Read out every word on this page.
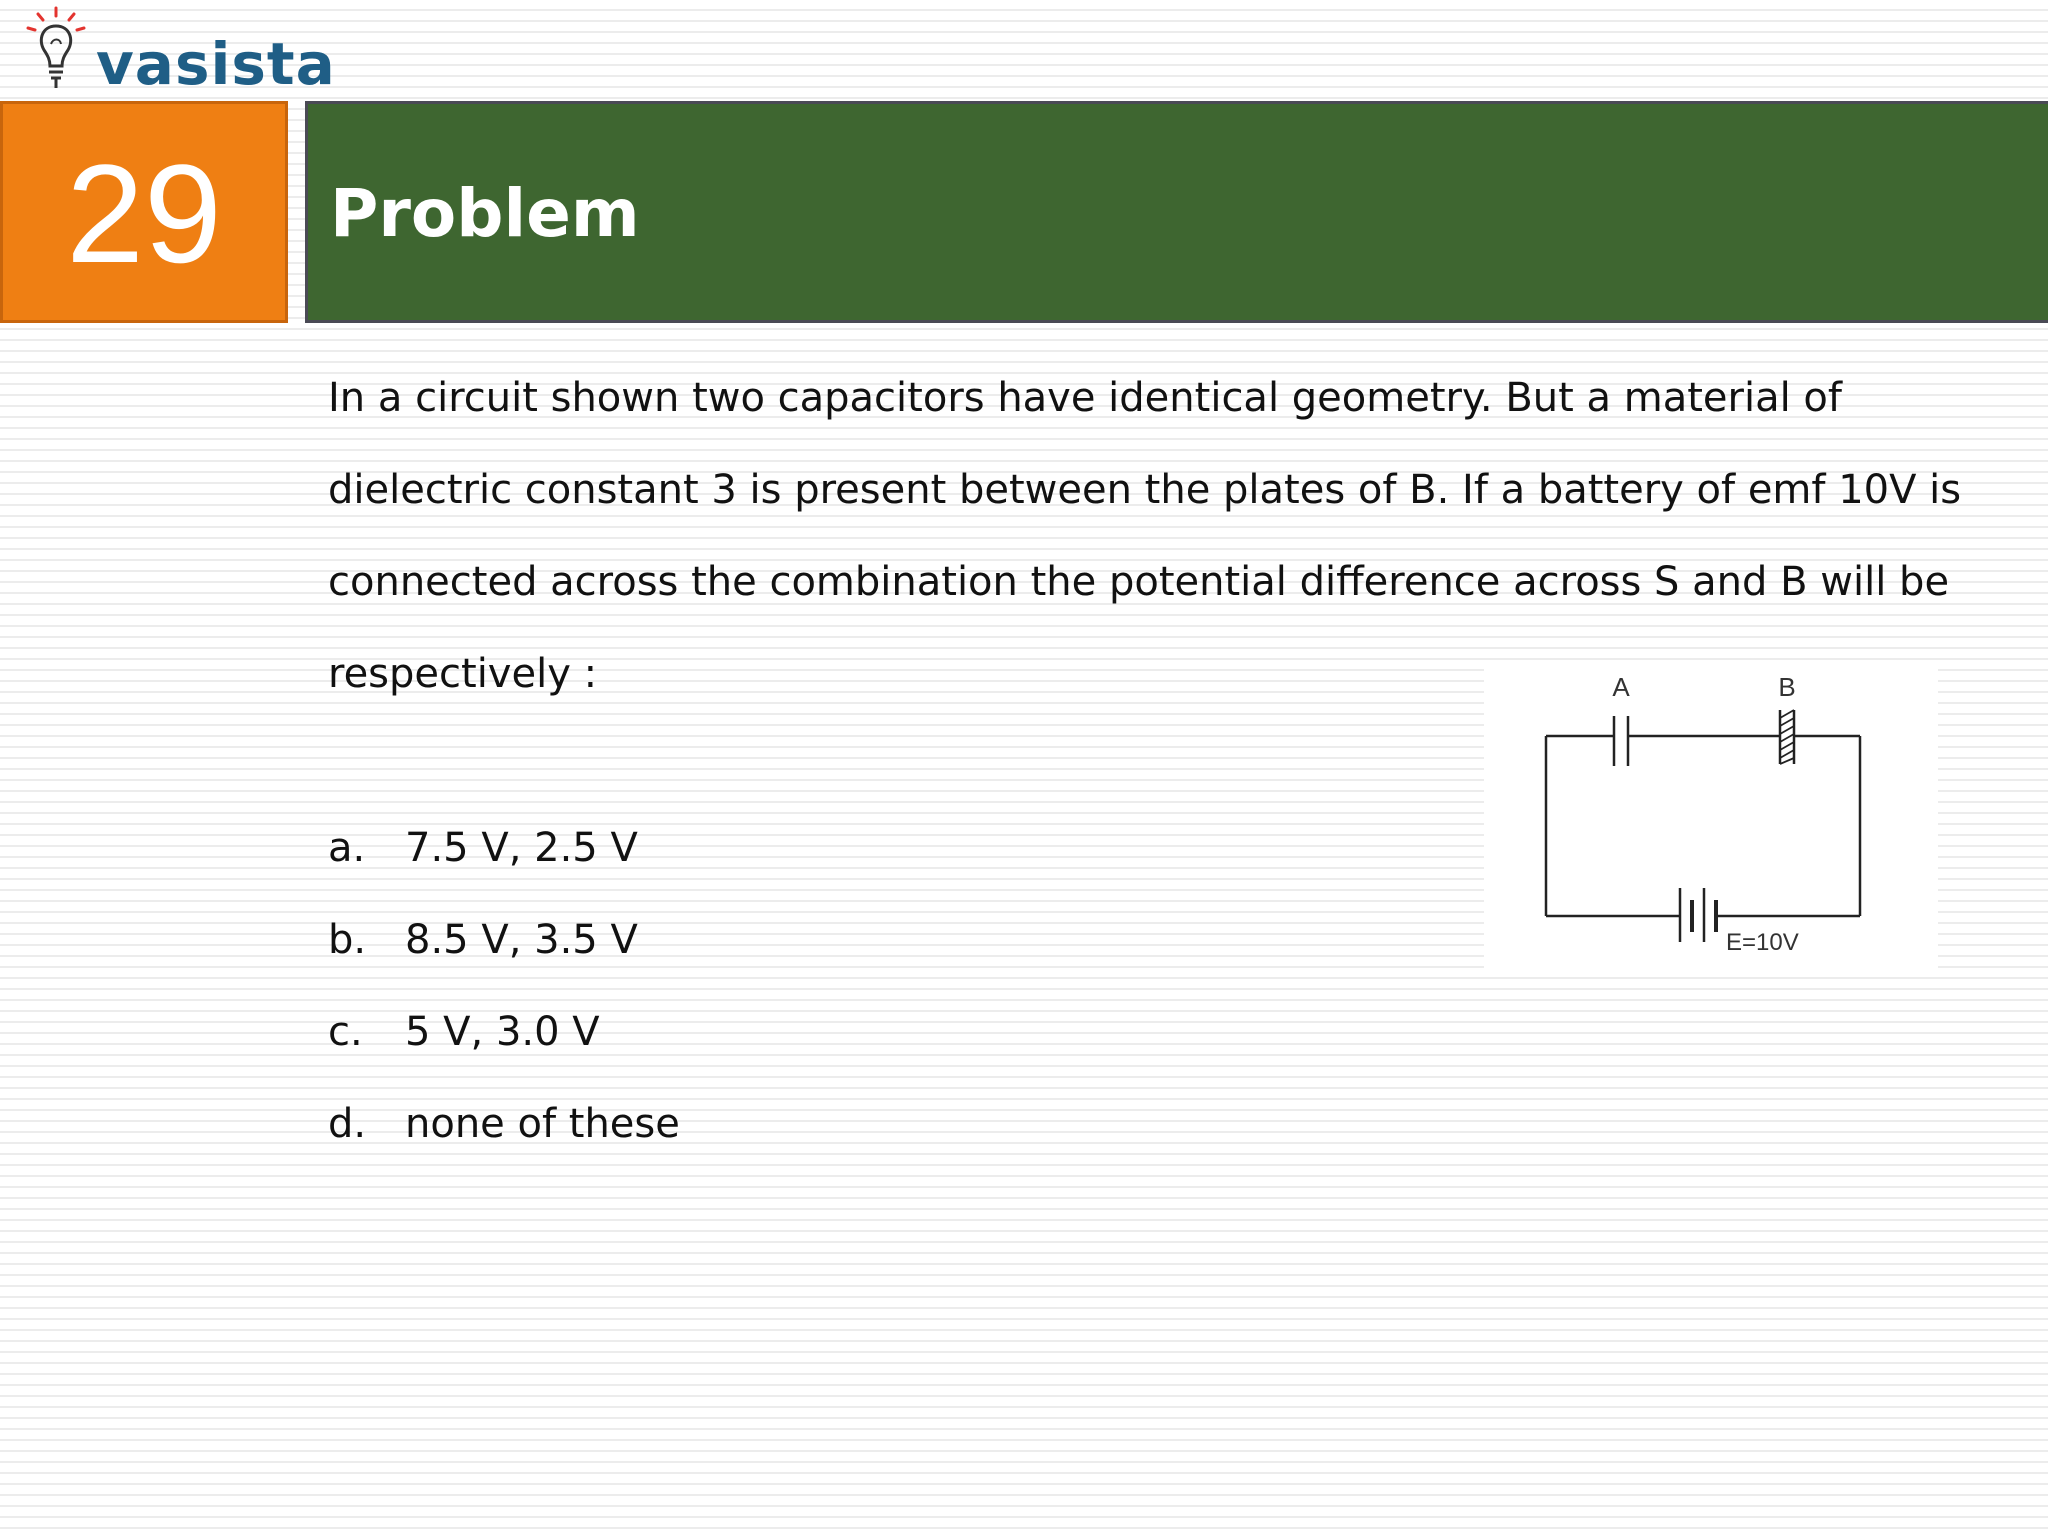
vasista
29 Problem
In a circuit shown two capacitors have identical geometry. But a material of
dielectric constant 3 is present between the plates of B. If a battery of emf 10V is
connected across the combination the potential difference across S and B will be
respectively :
a. 7.5 V, 2.5 V
b. 8.5 V, 3.5 V
c. 5 V, 3.0 V
d. none of these
A	B
E=10V
